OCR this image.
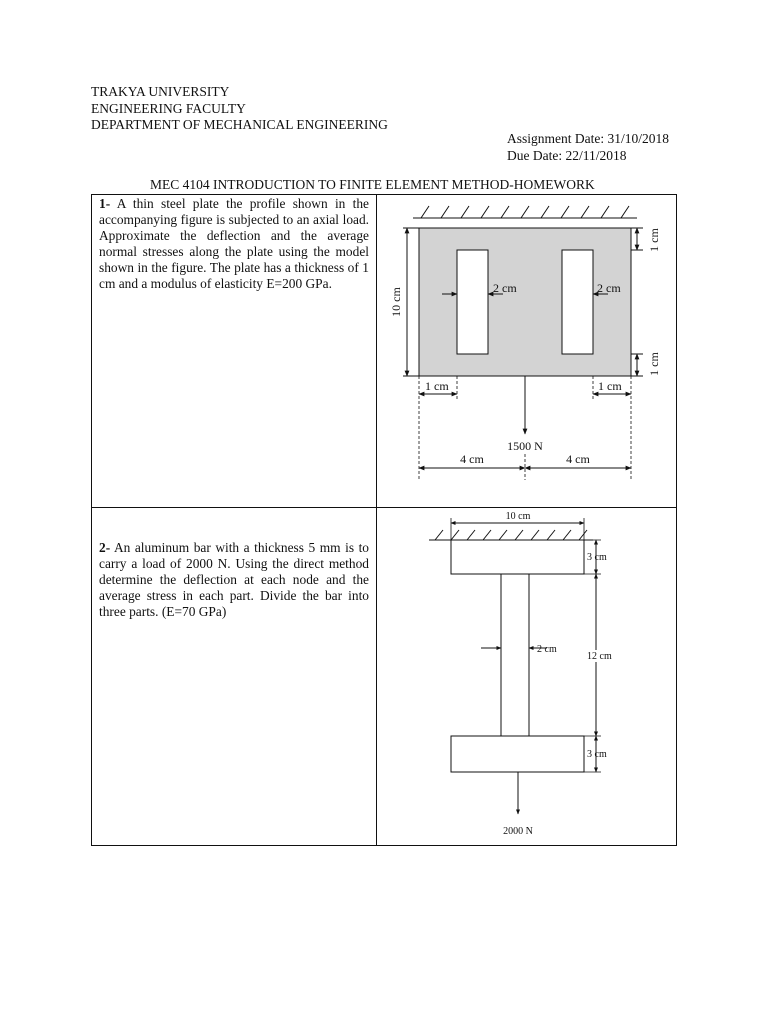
TRAKYA UNIVERSITY
ENGINEERING FACULTY
DEPARTMENT OF MECHANICAL ENGINEERING
Assignment Date: 31/10/2018
Due Date: 22/11/2018
MEC 4104 INTRODUCTION TO FINITE ELEMENT METHOD-HOMEWORK
1- A thin steel plate the profile shown in the accompanying figure is subjected to an axial load. Approximate the deflection and the average normal stresses along the plate using the model shown in the figure. The plate has a thickness of 1 cm and a modulus of elasticity E=200 GPa.
2- An aluminum bar with a thickness 5 mm is to carry a load of 2000 N. Using the direct method determine the deflection at each node and the average stress in each part. Divide the bar into three parts. (E=70 GPa)
10 cm
1 cm
1 cm
2 cm	2 cm
1 cm	1 cm
1500 N
4 cm	4 cm
10 cm
3 cm
12 cm
3 cm
2 cm
2000 N
